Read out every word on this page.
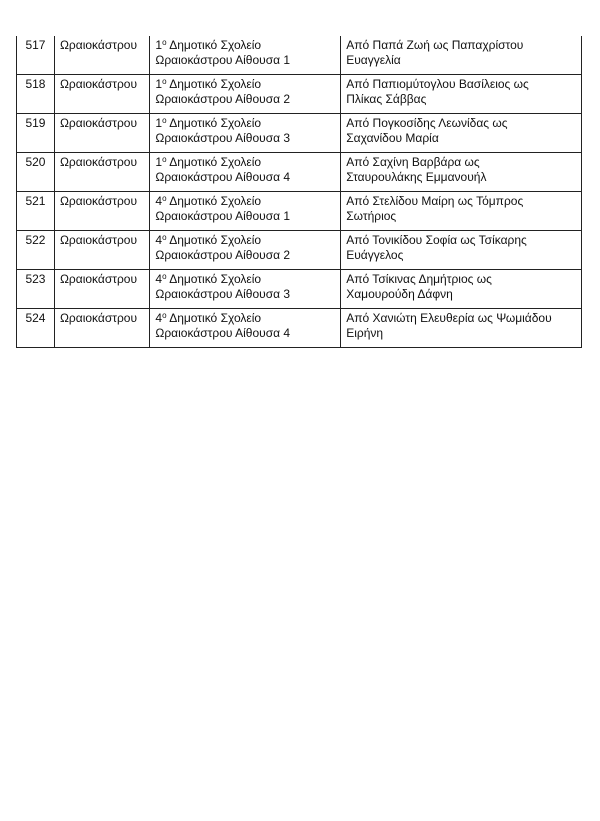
517	Ωραιοκάστρου	$1^o$ Δημοτικό Σχολείο
Ωραιοκάστρου Αίθουσα 1	Από Παπά Ζωή ως Παπαχρίστου
Ευαγγελία

518	Ωραιοκάστρου	$1^o$ Δημοτικό Σχολείο
Ωραιοκάστρου Αίθουσα 2	Από Παπιομύτογλου Βασίλειος ως
Πλίκας Σάββας

519	Ωραιοκάστρου	$1^o$ Δημοτικό Σχολείο
Ωραιοκάστρου Αίθουσα 3	Από Πογκοσίδης Λεωνίδας ως
Σαχανίδου Μαρία

520	Ωραιοκάστρου	$1^o$ Δημοτικό Σχολείο
Ωραιοκάστρου Αίθουσα 4	Από Σαχίνη Βαρβάρα ως
Σταυρουλάκης Εμμανουήλ

521	Ωραιοκάστρου	$4^o$ Δημοτικό Σχολείο
Ωραιοκάστρου Αίθουσα 1	Από Στελίδου Μαίρη ως Τόμπρος
Σωτήριος

522	Ωραιοκάστρου	$4^o$ Δημοτικό Σχολείο
Ωραιοκάστρου Αίθουσα 2	Από Τονικίδου Σοφία ως Τσίκαρης
Ευάγγελος

523	Ωραιοκάστρου	$4^o$ Δημοτικό Σχολείο
Ωραιοκάστρου Αίθουσα 3	Από Τσίκινας Δημήτριος ως
Χαμουρούδη Δάφνη

524	Ωραιοκάστρου	$4^o$ Δημοτικό Σχολείο
Ωραιοκάστρου Αίθουσα 4	Από Χανιώτη Ελευθερία ως Ψωμιάδου
Ειρήνη
